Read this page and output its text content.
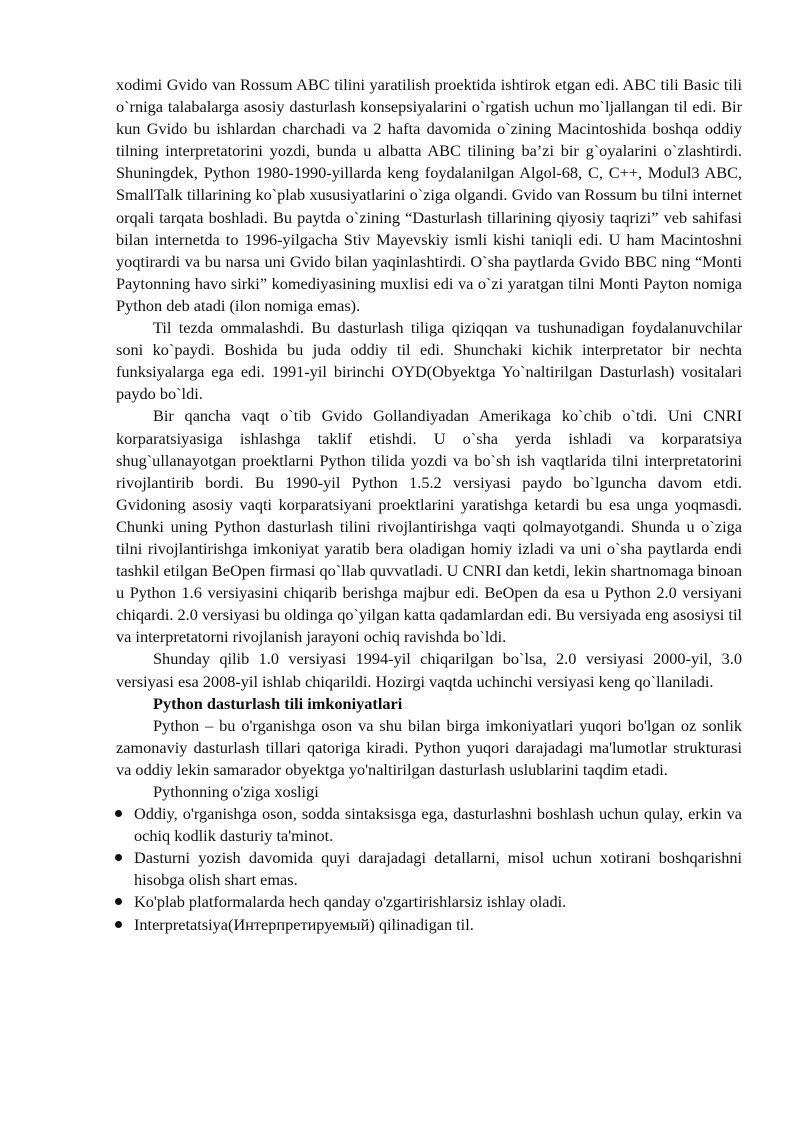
xodimi Gvido van Rossum ABC tilini yaratilish proektida ishtirok etgan edi. ABC tili Basic tili o`rniga talabalarga asosiy dasturlash konsepsiyalarini o`rgatish uchun mo`ljallangan til edi. Bir kun Gvido bu ishlardan charchadi va 2 hafta davomida o`zining Macintoshida boshqa oddiy tilning interpretatorini yozdi, bunda u albatta ABC tilining ba’zi bir g`oyalarini o`zlashtirdi. Shuningdek, Python 1980-1990-yillarda keng foydalanilgan Algol-68, C, C++, Modul3 ABC, SmallTalk tillarining ko`plab xususiyatlarini o`ziga olgandi. Gvido van Rossum bu tilni internet orqali tarqata boshladi. Bu paytda o`zining “Dasturlash tillarining qiyosiy taqrizi” veb sahifasi bilan internetda to 1996-yilgacha Stiv Mayevskiy ismli kishi taniqli edi. U ham Macintoshni yoqtirardi va bu narsa uni Gvido bilan yaqinlashtirdi. O`sha paytlarda Gvido BBC ning “Monti Paytonning havo sirki” komediyasining muxlisi edi va o`zi yaratgan tilni Monti Payton nomiga Python deb atadi (ilon nomiga emas).

Til tezda ommalashdi. Bu dasturlash tiliga qiziqqan va tushunadigan foydalanuvchilar soni ko`paydi. Boshida bu juda oddiy til edi. Shunchaki kichik interpretator bir nechta funksiyalarga ega edi. 1991-yil birinchi OYD(Obyektga Yo`naltirilgan Dasturlash) vositalari paydo bo`ldi.

Bir qancha vaqt o`tib Gvido Gollandiyadan Amerikaga ko`chib o`tdi. Uni CNRI korparatsiyasiga ishlashga taklif etishdi. U o`sha yerda ishladi va korparatsiya shug`ullanayotgan proektlarni Python tilida yozdi va bo`sh ish vaqtlarida tilni interpretatorini rivojlantirib bordi. Bu 1990-yil Python 1.5.2 versiyasi paydo bo`lguncha davom etdi. Gvidoning asosiy vaqti korparatsiyani proektlarini yaratishga ketardi bu esa unga yoqmasdi. Chunki uning Python dasturlash tilini rivojlantirishga vaqti qolmayotgandi. Shunda u o`ziga tilni rivojlantirishga imkoniyat yaratib bera oladigan homiy izladi va uni o`sha paytlarda endi tashkil etilgan BeOpen firmasi qo`llab quvvatladi. U CNRI dan ketdi, lekin shartnomaga binoan u Python 1.6 versiyasini chiqarib berishga majbur edi. BeOpen da esa u Python 2.0 versiyani chiqardi. 2.0 versiyasi bu oldinga qo`yilgan katta qadamlardan edi. Bu versiyada eng asosiysi til va interpretatorni rivojlanish jarayoni ochiq ravishda bo`ldi.

Shunday qilib 1.0 versiyasi 1994-yil chiqarilgan bo`lsa, 2.0 versiyasi 2000-yil, 3.0 versiyasi esa 2008-yil ishlab chiqarildi. Hozirgi vaqtda uchinchi versiyasi keng qo`llaniladi.

Python dasturlash tili imkoniyatlari

Python – bu o'rganishga oson va shu bilan birga imkoniyatlari yuqori bo'lgan oz sonlik zamonaviy dasturlash tillari qatoriga kiradi. Python yuqori darajadagi ma'lumotlar strukturasi va oddiy lekin samarador obyektga yo'naltirilgan dasturlash uslublarini taqdim etadi.

Pythonning o'ziga xosligi

Oddiy, o'rganishga oson, sodda sintaksisga ega, dasturlashni boshlash uchun qulay, erkin va ochiq kodlik dasturiy ta'minot.
Dasturni yozish davomida quyi darajadagi detallarni, misol uchun xotirani boshqarishni hisobga olish shart emas.
Ko'plab platformalarda hech qanday o'zgartirishlarsiz ishlay oladi.
Interpretatsiya(Интерпретируемый) qilinadigan til.
